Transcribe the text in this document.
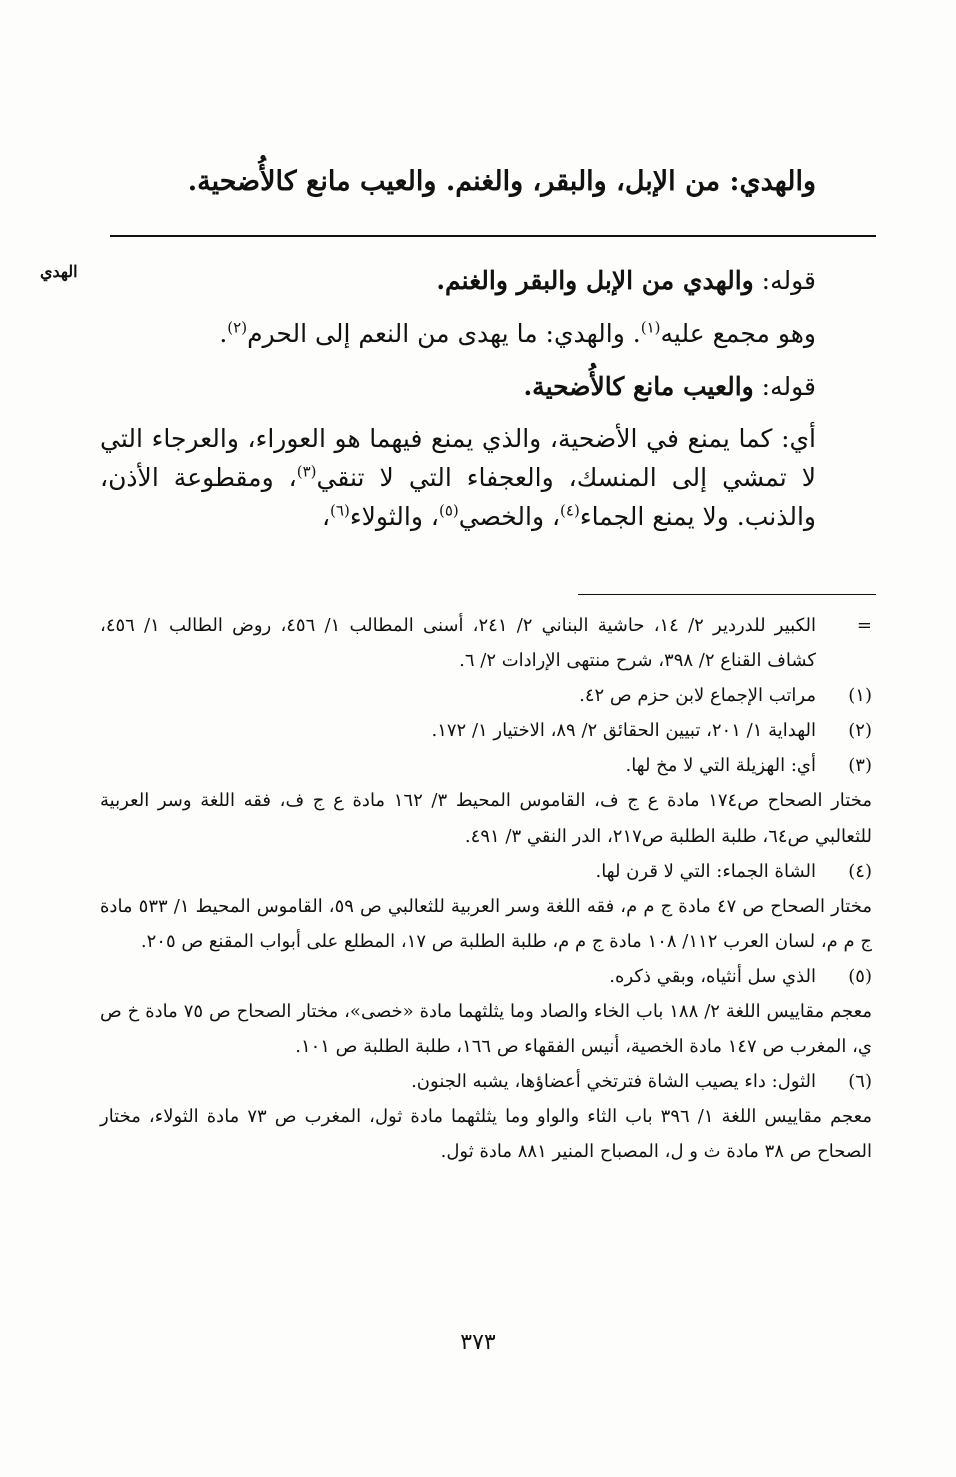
والهدي: من الإبل، والبقر، والغنم. والعيب مانع كالأُضحية.
الهدي	قوله: والهدي من الإبل والبقر والغنم.

وهو مجمع عليه$^{(١)}$. والهدي: ما يهدى من النعم إلى الحرم$^{(٢)}$.

قوله: والعيب مانع كالأُضحية.

أي: كما يمنع في الأضحية، والذي يمنع فيهما هو العوراء، والعرجاء التي لا تمشي إلى المنسك، والعجفاء التي لا تنقي$^{(٣)}$، ومقطوعة الأذن، والذنب. ولا يمنع الجماء$^{(٤)}$، والخصي$^{(٥)}$، والثولاء$^{(٦)}$،

=
الكبير للدردير ٢/ ١٤، حاشية البناني ٢/ ٢٤١، أسنى المطالب ١/ ٤٥٦، روض الطالب ١/ ٤٥٦، كشاف القناع ٢/ ٣٩٨، شرح منتهى الإرادات ٢/ ٦.
(١)
مراتب الإجماع لابن حزم ص ٤٢.
(٢)
الهداية ١/ ٢٠١، تبيين الحقائق ٢/ ٨٩، الاختيار ١/ ١٧٢.
(٣)
أي: الهزيلة التي لا مخ لها.
مختار الصحاح ص١٧٤ مادة ع ج ف، القاموس المحيط ٣/ ١٦٢ مادة ع ج ف، فقه اللغة وسر العربية للثعالبي ص٦٤، طلبة الطلبة ص٢١٧، الدر النقي ٣/ ٤٩١.
(٤)
الشاة الجماء: التي لا قرن لها.
مختار الصحاح ص ٤٧ مادة ج م م، فقه اللغة وسر العربية للثعالبي ص ٥٩، القاموس المحيط ١/ ٥٣٣ مادة ج م م، لسان العرب ١١٢/ ١٠٨ مادة ج م م، طلبة الطلبة ص ١٧، المطلع على أبواب المقنع ص ٢٠٥.
(٥)
الذي سل أنثياه، وبقي ذكره.
معجم مقاييس اللغة ٢/ ١٨٨ باب الخاء والصاد وما يثلثهما مادة «خصى»، مختار الصحاح ص ٧٥ مادة خ ص ي، المغرب ص ١٤٧ مادة الخصية، أنيس الفقهاء ص ١٦٦، طلبة الطلبة ص ١٠١.
(٦)
الثول: داء يصيب الشاة فترتخي أعضاؤها، يشبه الجنون.
معجم مقاييس اللغة ١/ ٣٩٦ باب الثاء والواو وما يثلثهما مادة ثول، المغرب ص ٧٣ مادة الثولاء، مختار الصحاح ص ٣٨ مادة ث و ل، المصباح المنير ٨٨١ مادة ثول.
٣٧٣
